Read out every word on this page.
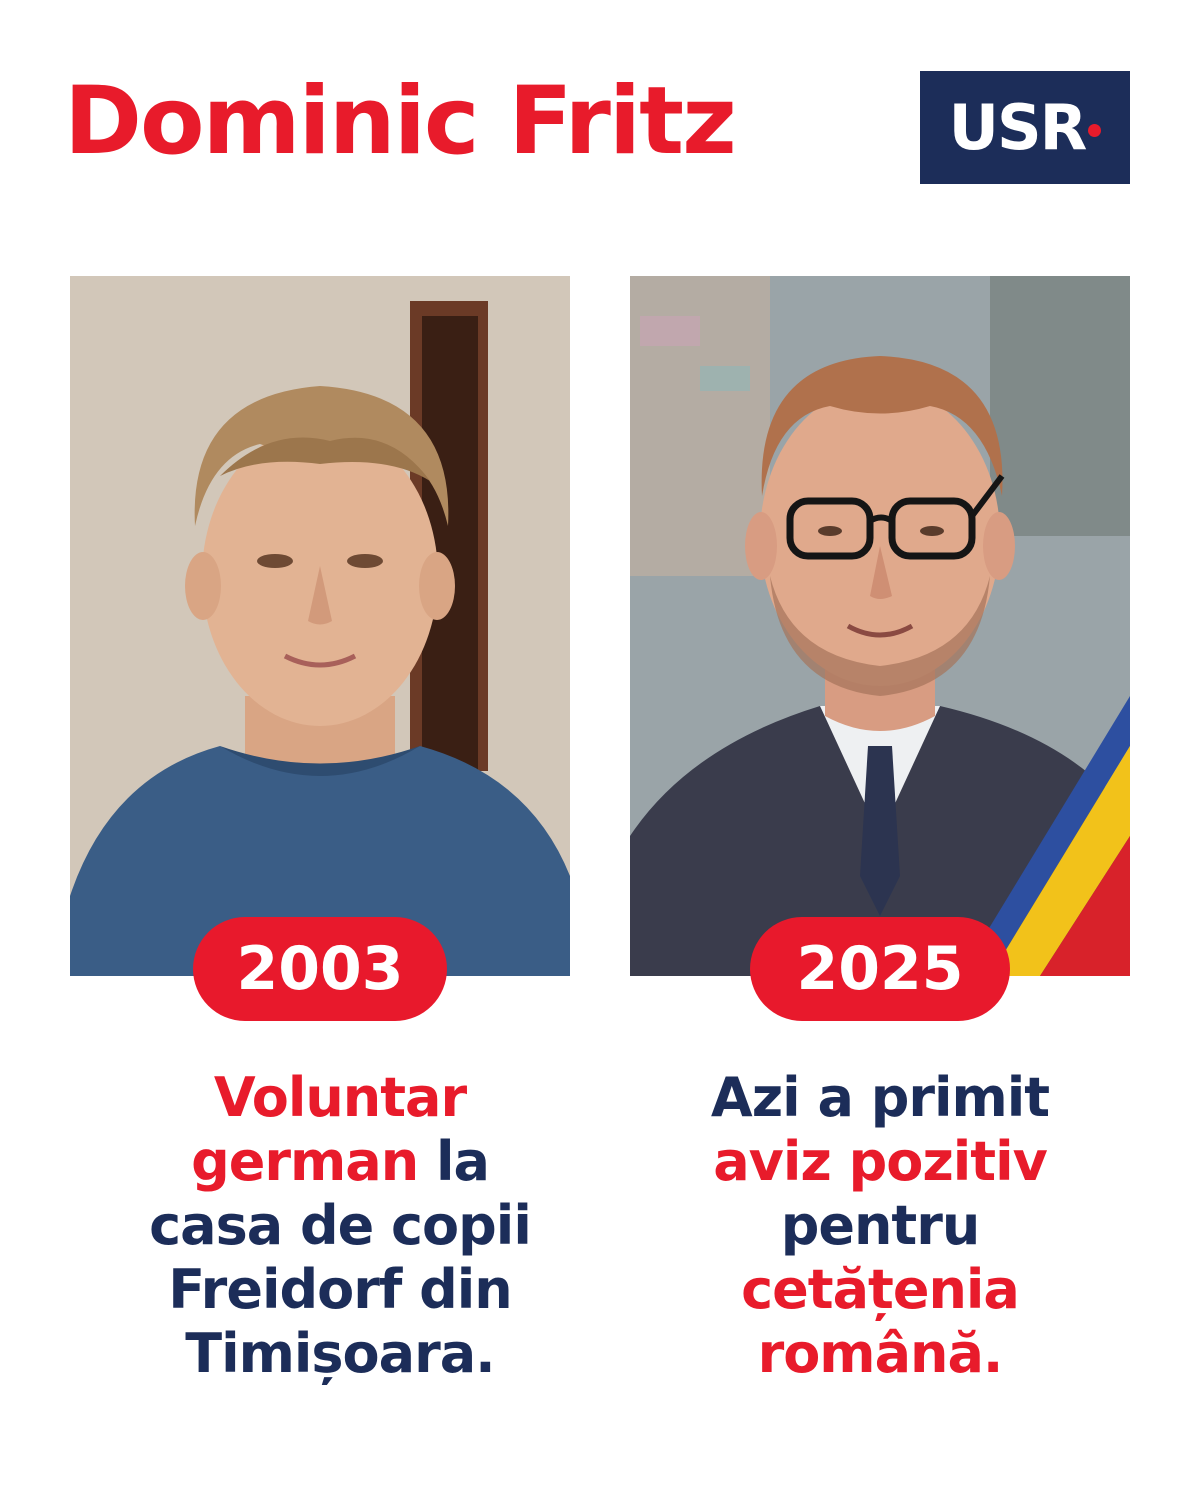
Dominic Fritz	USR
2003	2025
Voluntar
german la
casa de copii
Freidorf din
Timișoara.
Azi a primit
aviz pozitiv
pentru
cetățenia
română.
